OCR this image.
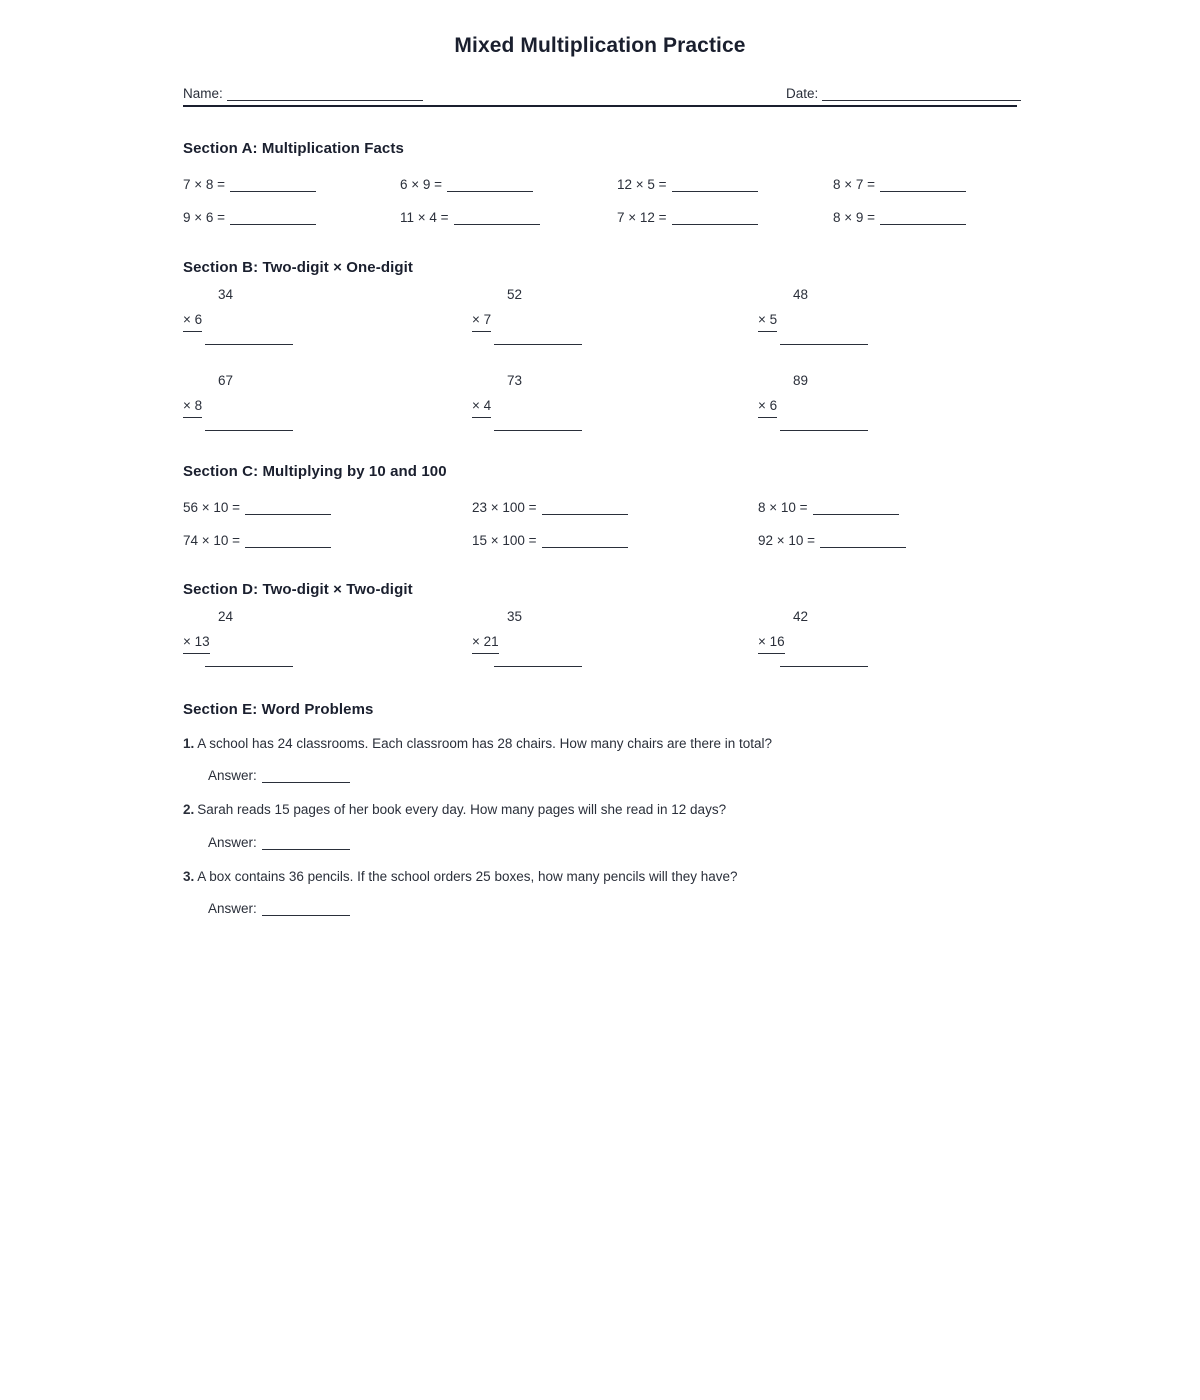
Mixed Multiplication Practice
Name:	Date:
Section A: Multiplication Facts
7 × 8 =	6 × 9 =	12 × 5 =	8 × 7 =
9 × 6 =	11 × 4 =	7 × 12 =	8 × 9 =
Section B: Two-digit × One-digit
34
× 6
52
× 7
48
× 5
67
× 8
73
× 4
89
× 6
Section C: Multiplying by 10 and 100
56 × 10 =	23 × 100 =	8 × 10 =
74 × 10 =	15 × 100 =	92 × 10 =
Section D: Two-digit × Two-digit
24
× 13
35
× 21
42
× 16
Section E: Word Problems
1. A school has 24 classrooms. Each classroom has 28 chairs. How many chairs are there in total?
Answer:
2. Sarah reads 15 pages of her book every day. How many pages will she read in 12 days?
Answer:
3. A box contains 36 pencils. If the school orders 25 boxes, how many pencils will they have?
Answer:
